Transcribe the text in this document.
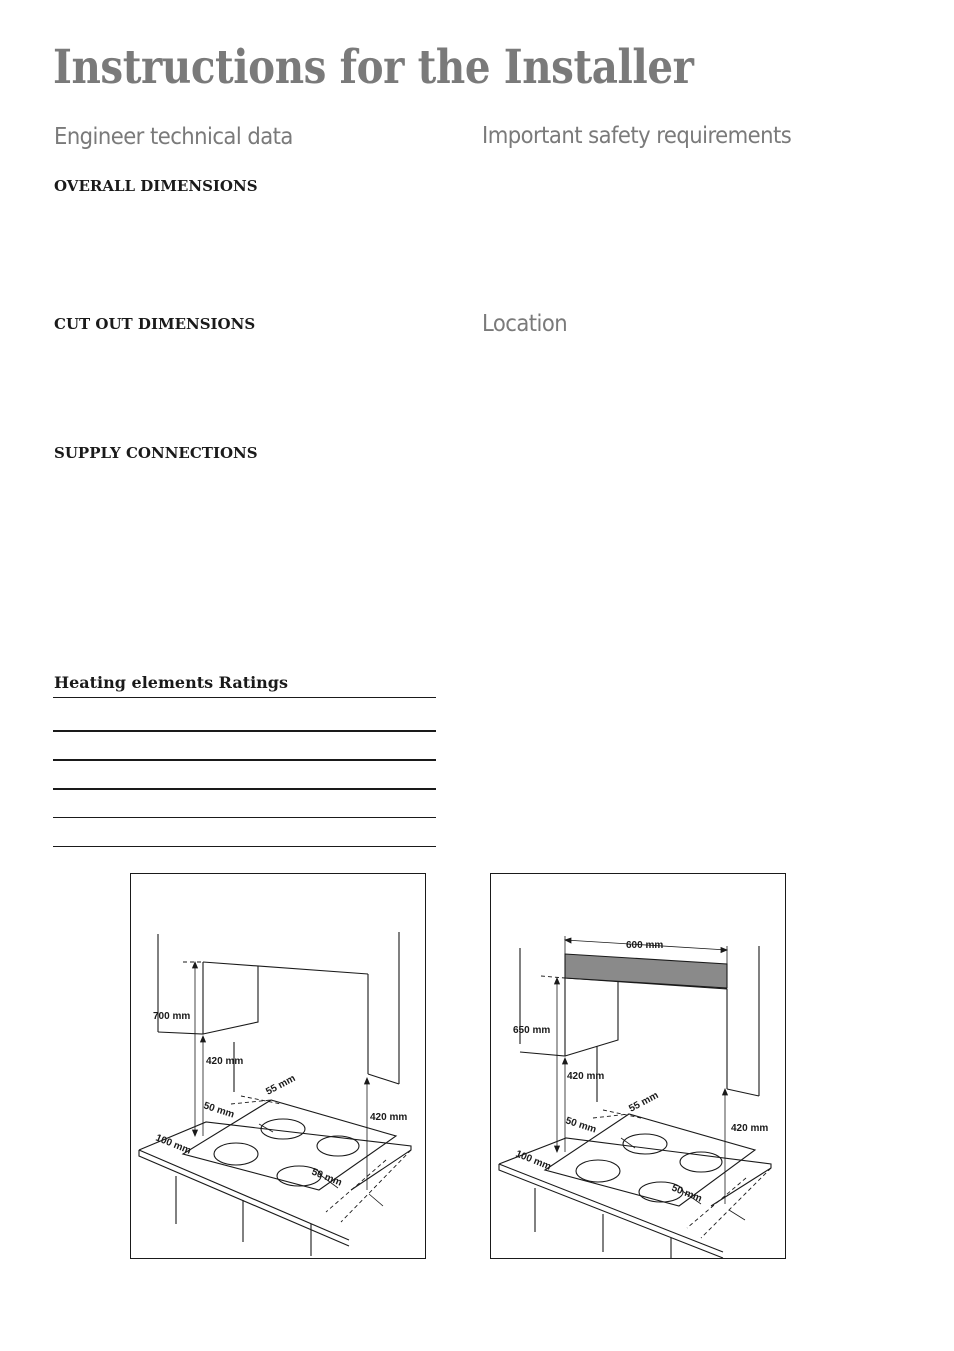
Instructions for the Installer
Engineer technical data	Important safety requirements
Location
OVERALL DIMENSIONS
CUT OUT DIMENSIONS
SUPPLY CONNECTIONS
Heating elements Ratings
700 mm
420 mm
55 mm
50 mm	420 mm
100 mm
50 mm
600 mm
650 mm
420 mm
55 mm
50 mm	420 mm
100 mm
50 mm
